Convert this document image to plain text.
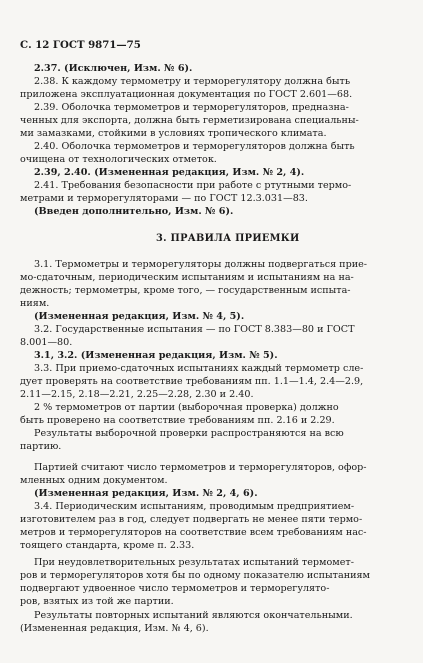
С. 12 ГОСТ 9871—75

2.37. (Исключен, Изм. № 6).

2.38. К каждому термометру и терморегулятору должна быть

приложена эксплуатационная документация по ГОСТ 2.601—68.

2.39. Оболочка термометров и терморегуляторов, предназна-

ченных для экспорта, должна быть герметизирована специальны-

ми замазками, стойкими в условиях тропического климата.

2.40. Оболочка термометров и терморегуляторов должна быть

очищена от технологических отметок.

2.39, 2.40. (Измененная редакция, Изм. № 2, 4).

2.41. Требования безопасности при работе с ртутными термо-

метрами и терморегуляторами — по ГОСТ 12.3.031—83.

(Введен дополнительно, Изм. № 6).

3. ПРАВИЛА ПРИЕМКИ

3.1. Термометры и терморегуляторы должны подвергаться прие-

мо-сдаточным, периодическим испытаниям и испытаниям на на-

дежность; термометры, кроме того, — государственным испыта-

ниям.

(Измененная редакция, Изм. № 4, 5).

3.2. Государственные испытания — по ГОСТ 8.383—80 и ГОСТ

8.001—80.

3.1, 3.2. (Измененная редакция, Изм. № 5).

3.3. При приемо-сдаточных испытаниях каждый термометр сле-

дует проверять на соответствие требованиям пп. 1.1—1.4, 2.4—2.9,

2.11—2.15, 2.18—2.21, 2.25—2.28, 2.30 и 2.40.

2 % термометров от партии (выборочная проверка) должно

быть проверено на соответствие требованиям пп. 2.16 и 2.29.

Результаты выборочной проверки распространяются на всю

партию.

Партией считают число термометров и терморегуляторов, офор-

мленных одним документом.

(Измененная редакция, Изм. № 2, 4, 6).

3.4. Периодическим испытаниям, проводимым предприятием-

изготовителем раз в год, следует подвергать не менее пяти термо-

метров и терморегуляторов на соответствие всем требованиям нас-

тоящего стандарта, кроме п. 2.33.

При неудовлетворительных результатах испытаний термомет-

ров и терморегуляторов хотя бы по одному показателю испытаниям

подвергают удвоенное число термометров и терморегулято-

ров, взятых из той же партии.

Результаты повторных испытаний являются окончательными.

(Измененная редакция, Изм. № 4, 6).
